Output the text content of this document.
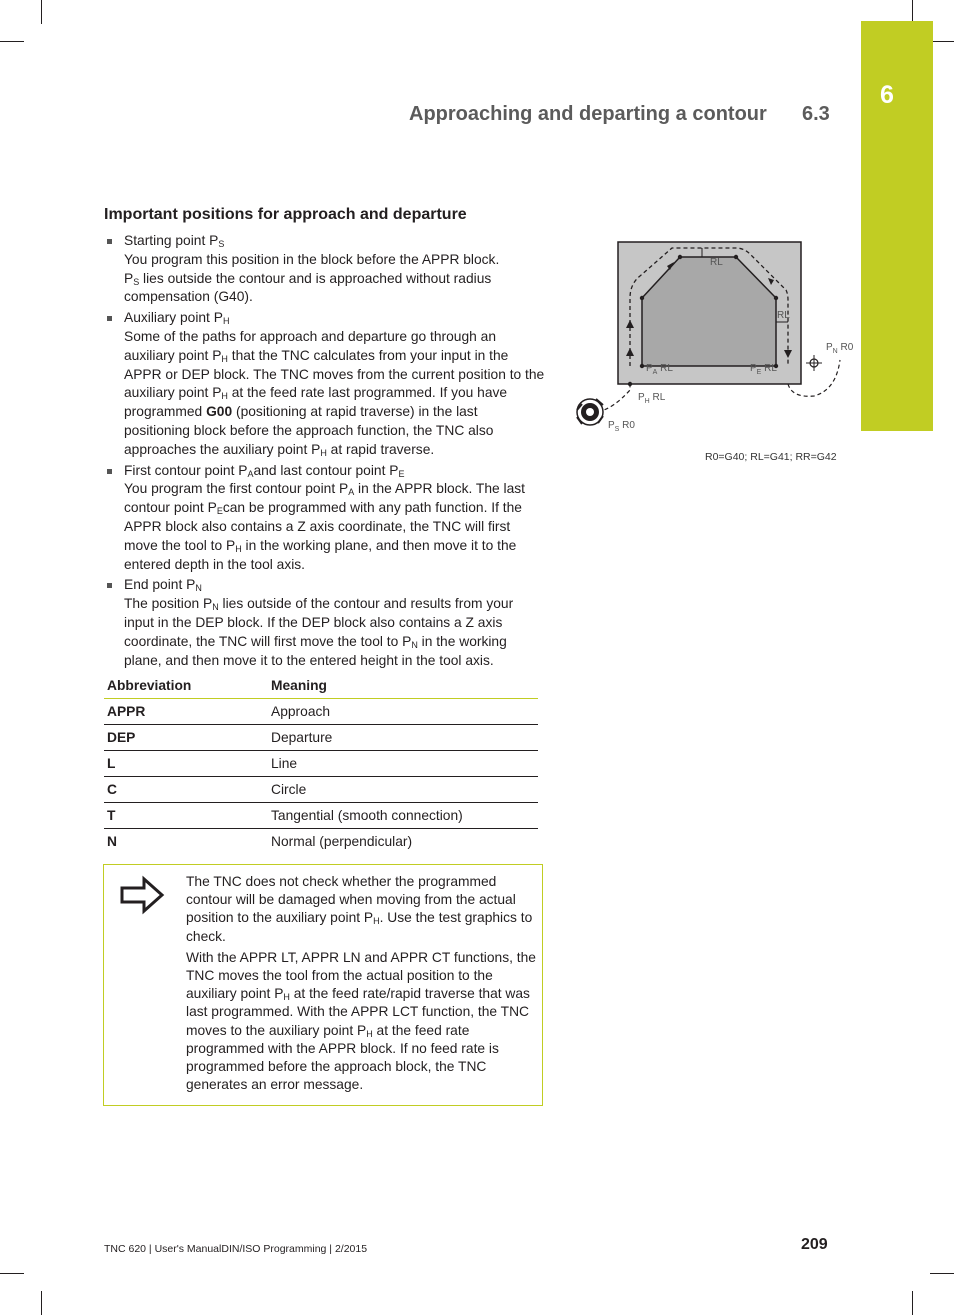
6
Approaching and departing a contour 6.3
Important positions for approach and departure
Starting point $P_S$
You program this position in the block before the APPR block.
$P_S$ lies outside the contour and is approached without radius compensation (G40).
Auxiliary point $P_H$
Some of the paths for approach and departure go through an auxiliary point $P_H$ that the TNC calculates from your input in the APPR or DEP block. The TNC moves from the current position to the auxiliary point $P_H$ at the feed rate last programmed. If you have programmed G00 (positioning at rapid traverse) in the last positioning block before the approach function, the TNC also approaches the auxiliary point $P_H$ at rapid traverse.
First contour point $P_Aand$ last contour point $P_E$
You program the first contour point $P_A$ in the APPR block. The last contour point $P_Ecan$ be programmed with any path function. If the APPR block also contains a Z axis coordinate, the TNC will first move the tool to $P_H$ in the working plane, and then move it to the entered depth in the tool axis.
End point $P_N$
The position $P_N$ lies outside of the contour and results from your input in the DEP block. If the DEP block also contains a Z axis coordinate, the TNC will first move the tool to $P_N$ in the working plane, and then move it to the entered height in the tool axis.
Abbreviation	Meaning
APPR	Approach
DEP	Departure
L	Line
C	Circle
T	Tangential (smooth connection)
N	Normal (perpendicular)

The TNC does not check whether the programmed contour will be damaged when moving from the actual position to the auxiliary point $P_H$. Use the test graphics to check.

With the APPR LT, APPR LN and APPR CT functions, the TNC moves the tool from the actual position to the auxiliary point $P_H$ at the feed rate/rapid traverse that was last programmed. With the APPR LCT function, the TNC moves to the auxiliary point $P_H$ at the feed rate programmed with the APPR block. If no feed rate is programmed before the approach block, the TNC generates an error message.

RL
RL
$P_A$ RL	$P_E$ RL
$P_H$ RL
$P_S$ R0
$P_N$ R0
R0=G40; RL=G41; RR=G42
TNC 620 | User's ManualDIN/ISO Programming | 2/2015	209
